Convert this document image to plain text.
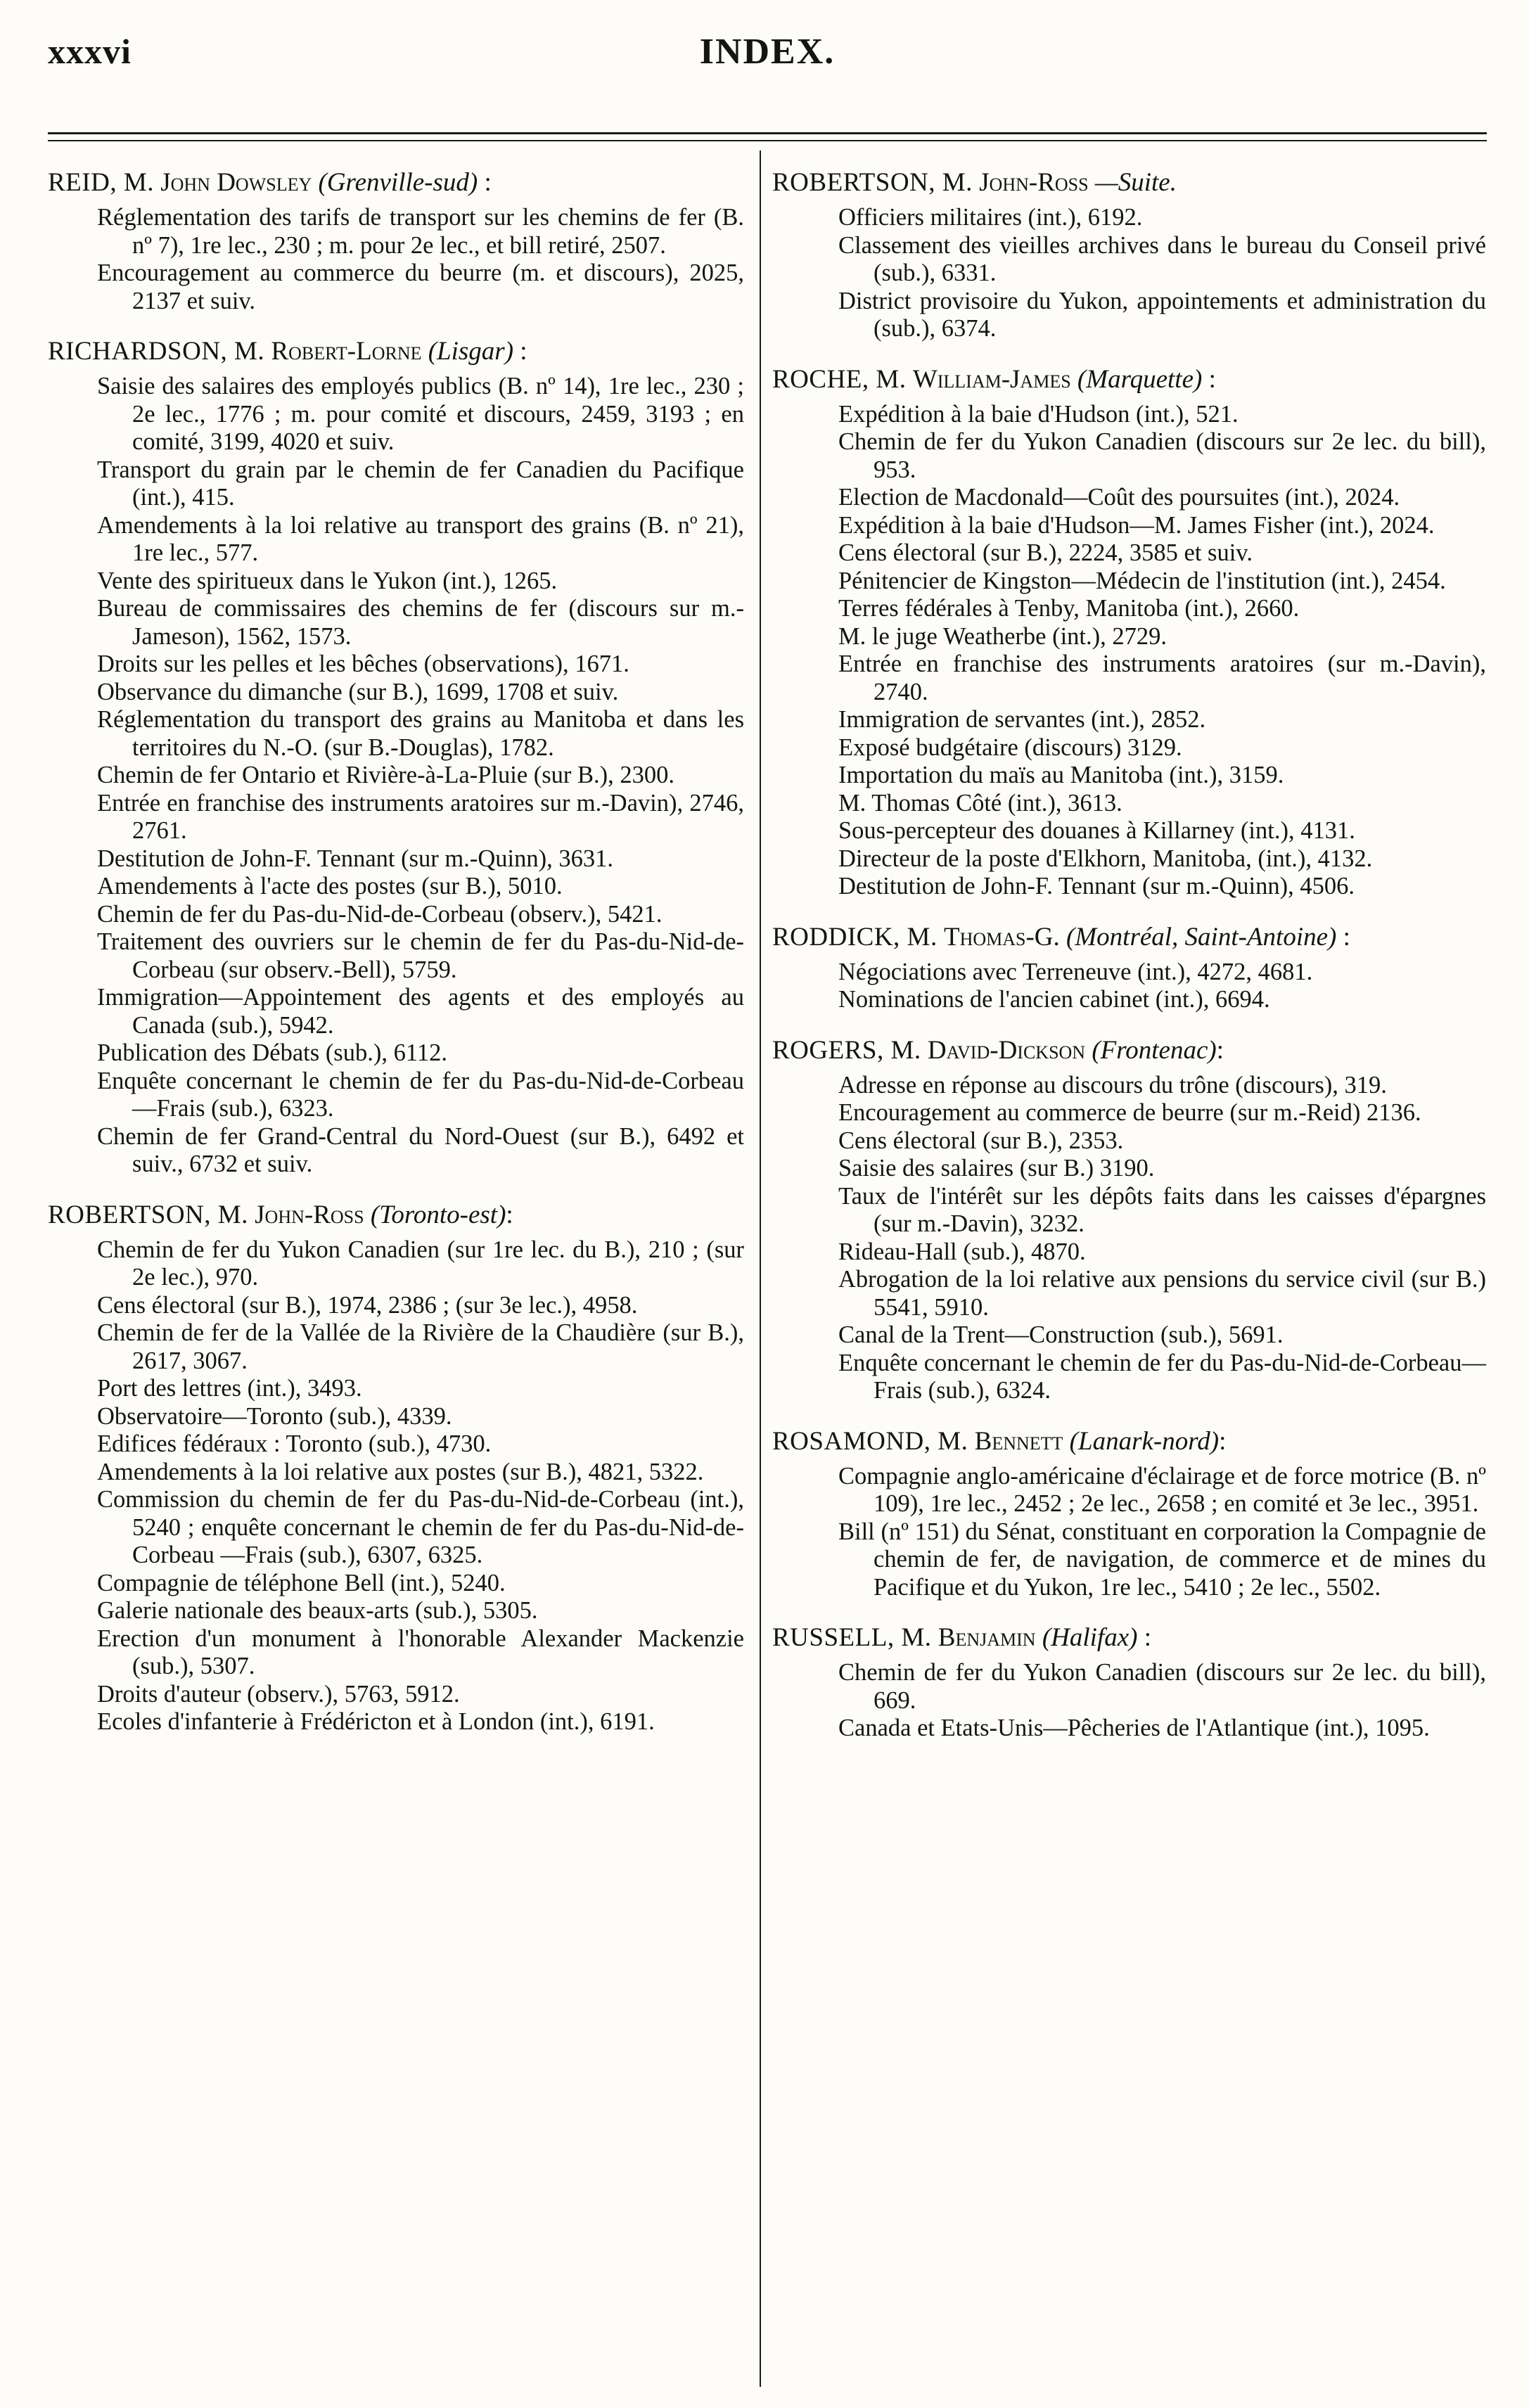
xxxvi	INDEX.
REID, M. John Dowsley (Grenville-sud) :
Réglementation des tarifs de transport sur les chemins de fer (B. nº 7), 1re lec., 230 ; m. pour 2e lec., et bill retiré, 2507.
Encouragement au commerce du beurre (m. et discours), 2025, 2137 et suiv.
RICHARDSON, M. Robert-Lorne (Lisgar) :
Saisie des salaires des employés publics (B. nº 14), 1re lec., 230 ; 2e lec., 1776 ; m. pour comité et discours, 2459, 3193 ; en comité, 3199, 4020 et suiv.
Transport du grain par le chemin de fer Canadien du Pacifique (int.), 415.
Amendements à la loi relative au transport des grains (B. nº 21), 1re lec., 577.
Vente des spiritueux dans le Yukon (int.), 1265.
Bureau de commissaires des chemins de fer (discours sur m.-Jameson), 1562, 1573.
Droits sur les pelles et les bêches (observations), 1671.
Observance du dimanche (sur B.), 1699, 1708 et suiv.
Réglementation du transport des grains au Manitoba et dans les territoires du N.-O. (sur B.-Douglas), 1782.
Chemin de fer Ontario et Rivière-à-La-Pluie (sur B.), 2300.
Entrée en franchise des instruments aratoires sur m.-Davin), 2746, 2761.
Destitution de John-F. Tennant (sur m.-Quinn), 3631.
Amendements à l'acte des postes (sur B.), 5010.
Chemin de fer du Pas-du-Nid-de-Corbeau (observ.), 5421.
Traitement des ouvriers sur le chemin de fer du Pas-du-Nid-de-Corbeau (sur observ.-Bell), 5759.
Immigration—Appointement des agents et des employés au Canada (sub.), 5942.
Publication des Débats (sub.), 6112.
Enquête concernant le chemin de fer du Pas-du-Nid-de-Corbeau—Frais (sub.), 6323.
Chemin de fer Grand-Central du Nord-Ouest (sur B.), 6492 et suiv., 6732 et suiv.
ROBERTSON, M. John-Ross (Toronto-est):
Chemin de fer du Yukon Canadien (sur 1re lec. du B.), 210 ; (sur 2e lec.), 970.
Cens électoral (sur B.), 1974, 2386 ; (sur 3e lec.), 4958.
Chemin de fer de la Vallée de la Rivière de la Chaudière (sur B.), 2617, 3067.
Port des lettres (int.), 3493.
Observatoire—Toronto (sub.), 4339.
Edifices fédéraux : Toronto (sub.), 4730.
Amendements à la loi relative aux postes (sur B.), 4821, 5322.
Commission du chemin de fer du Pas-du-Nid-de-Corbeau (int.), 5240 ; enquête concernant le chemin de fer du Pas-du-Nid-de-Corbeau —Frais (sub.), 6307, 6325.
Compagnie de téléphone Bell (int.), 5240.
Galerie nationale des beaux-arts (sub.), 5305.
Erection d'un monument à l'honorable Alexander Mackenzie (sub.), 5307.
Droits d'auteur (observ.), 5763, 5912.
Ecoles d'infanterie à Frédéricton et à London (int.), 6191.
ROBERTSON, M. John-Ross —Suite.
Officiers militaires (int.), 6192.
Classement des vieilles archives dans le bureau du Conseil privé (sub.), 6331.
District provisoire du Yukon, appointements et administration du (sub.), 6374.
ROCHE, M. William-James (Marquette) :
Expédition à la baie d'Hudson (int.), 521.
Chemin de fer du Yukon Canadien (discours sur 2e lec. du bill), 953.
Election de Macdonald—Coût des poursuites (int.), 2024.
Expédition à la baie d'Hudson—M. James Fisher (int.), 2024.
Cens électoral (sur B.), 2224, 3585 et suiv.
Pénitencier de Kingston—Médecin de l'institution (int.), 2454.
Terres fédérales à Tenby, Manitoba (int.), 2660.
M. le juge Weatherbe (int.), 2729.
Entrée en franchise des instruments aratoires (sur m.-Davin), 2740.
Immigration de servantes (int.), 2852.
Exposé budgétaire (discours) 3129.
Importation du maïs au Manitoba (int.), 3159.
M. Thomas Côté (int.), 3613.
Sous-percepteur des douanes à Killarney (int.), 4131.
Directeur de la poste d'Elkhorn, Manitoba, (int.), 4132.
Destitution de John-F. Tennant (sur m.-Quinn), 4506.
RODDICK, M. Thomas-G. (Montréal, Saint-Antoine) :
Négociations avec Terreneuve (int.), 4272, 4681.
Nominations de l'ancien cabinet (int.), 6694.
ROGERS, M. David-Dickson (Frontenac):
Adresse en réponse au discours du trône (discours), 319.
Encouragement au commerce de beurre (sur m.-Reid) 2136.
Cens électoral (sur B.), 2353.
Saisie des salaires (sur B.) 3190.
Taux de l'intérêt sur les dépôts faits dans les caisses d'épargnes (sur m.-Davin), 3232.
Rideau-Hall (sub.), 4870.
Abrogation de la loi relative aux pensions du service civil (sur B.) 5541, 5910.
Canal de la Trent—Construction (sub.), 5691.
Enquête concernant le chemin de fer du Pas-du-Nid-de-Corbeau—Frais (sub.), 6324.
ROSAMOND, M. Bennett (Lanark-nord):
Compagnie anglo-américaine d'éclairage et de force motrice (B. nº 109), 1re lec., 2452 ; 2e lec., 2658 ; en comité et 3e lec., 3951.
Bill (nº 151) du Sénat, constituant en corporation la Compagnie de chemin de fer, de navigation, de commerce et de mines du Pacifique et du Yukon, 1re lec., 5410 ; 2e lec., 5502.
RUSSELL, M. Benjamin (Halifax) :
Chemin de fer du Yukon Canadien (discours sur 2e lec. du bill), 669.
Canada et Etats-Unis—Pêcheries de l'Atlantique (int.), 1095.
